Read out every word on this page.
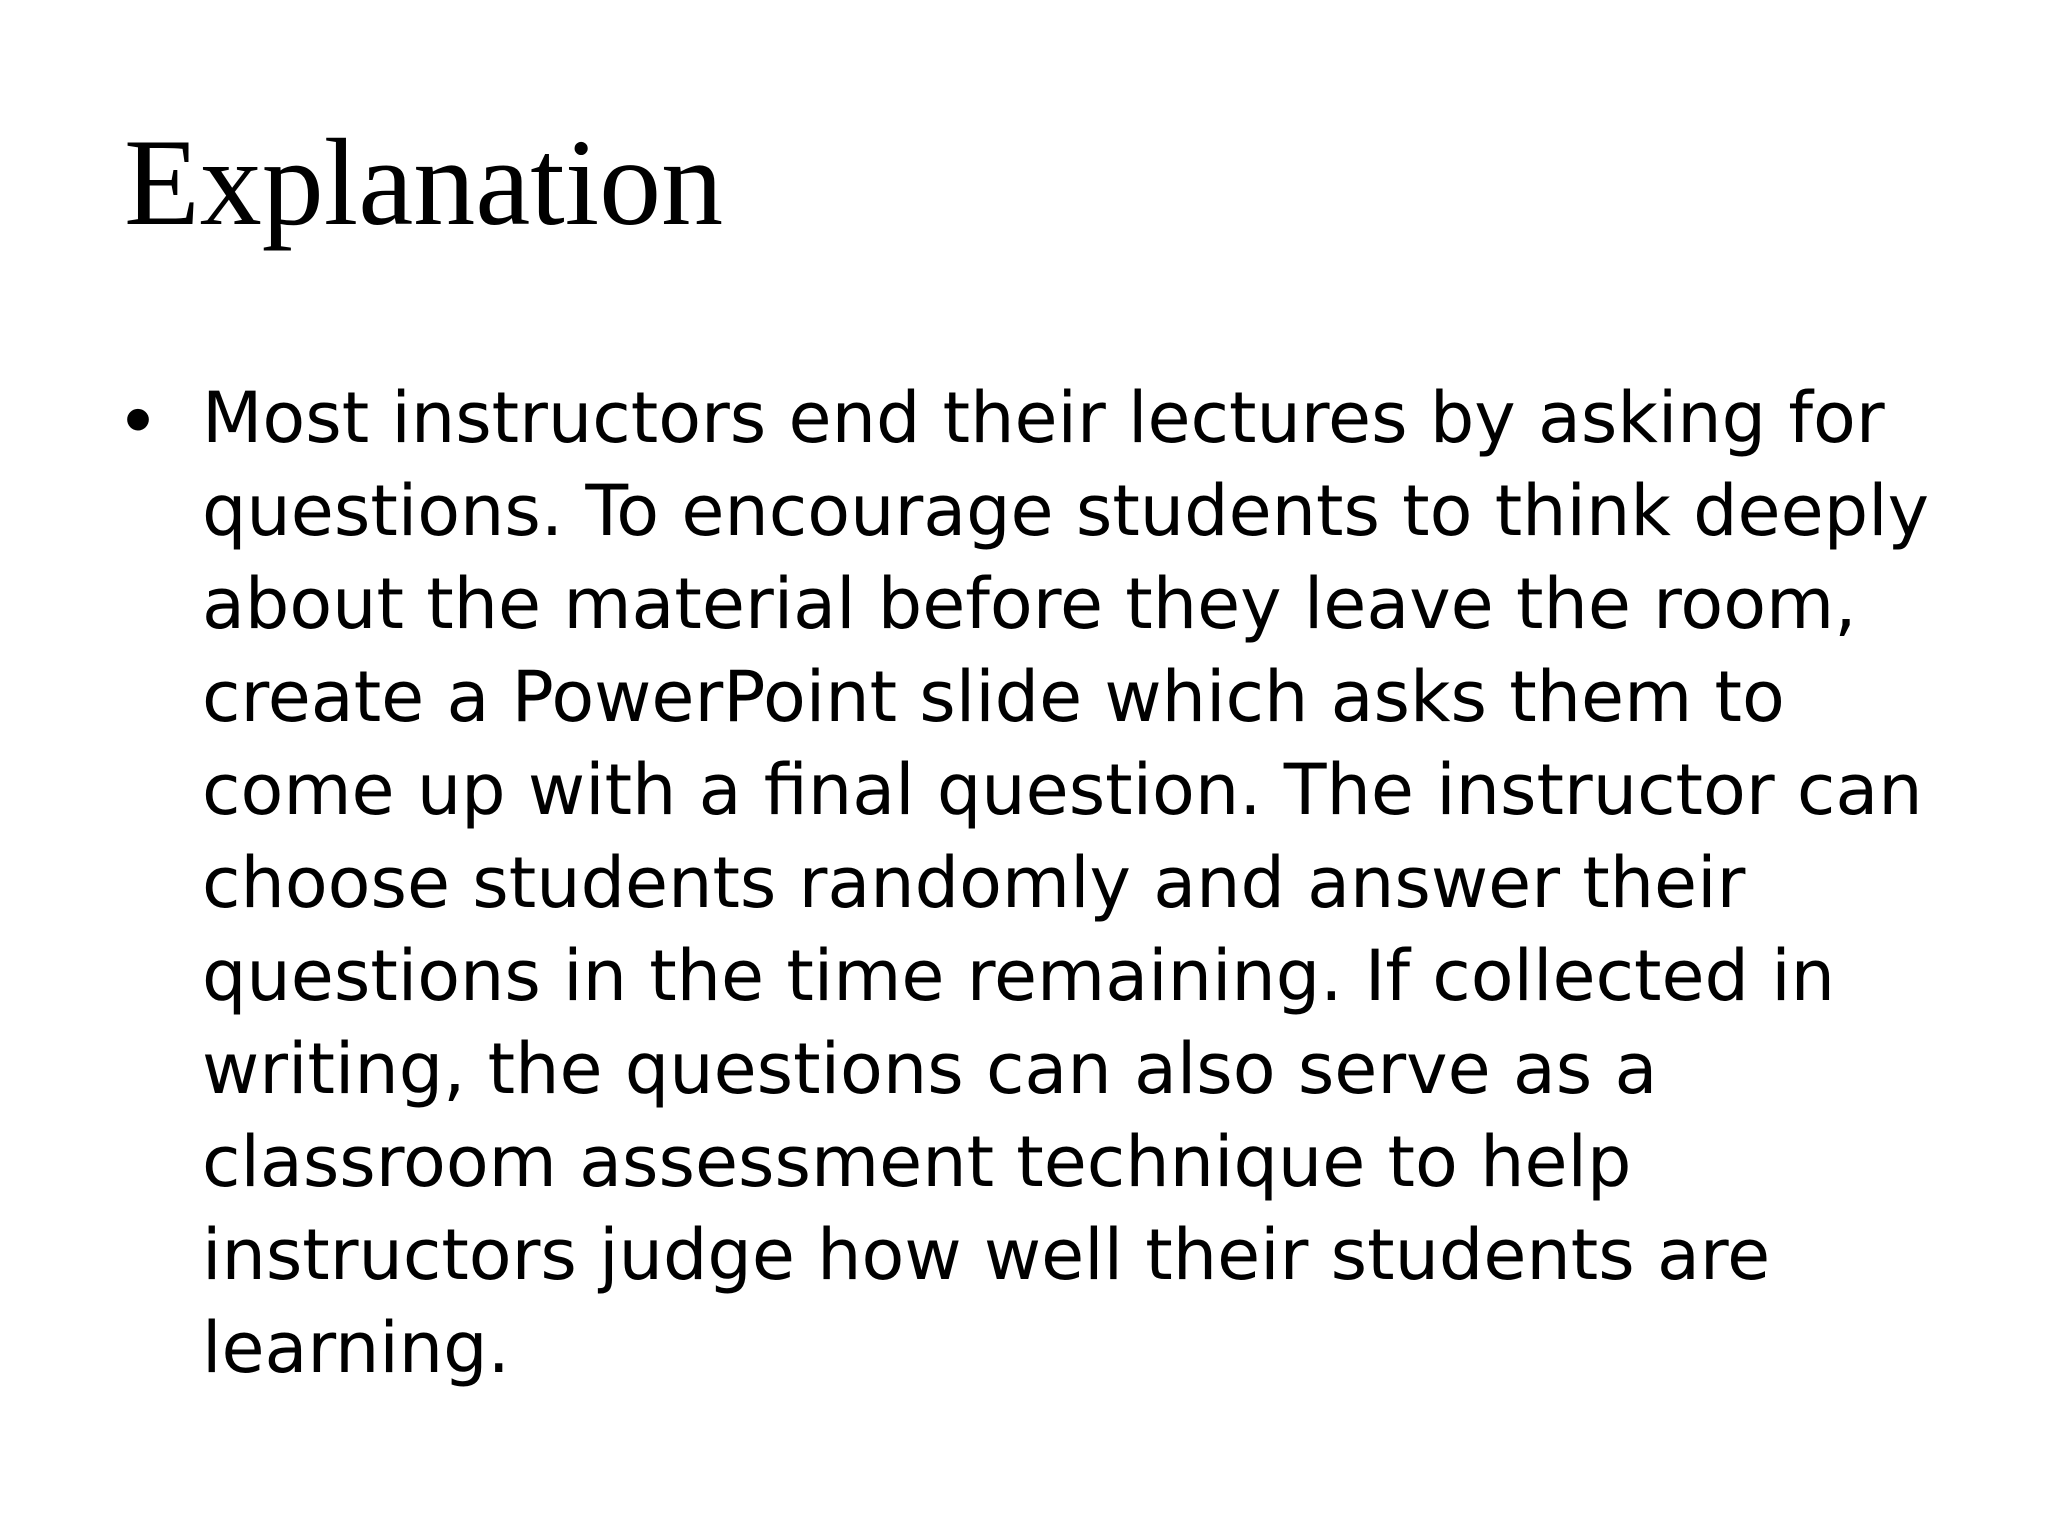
Explanation
• Most instructors end their lectures by asking for
questions. To encourage students to think deeply
about the material before they leave the room,
create a PowerPoint slide which asks them to
come up with a final question. The instructor can
choose students randomly and answer their
questions in the time remaining. If collected in
writing, the questions can also serve as a
classroom assessment technique to help
instructors judge how well their students are
learning.
